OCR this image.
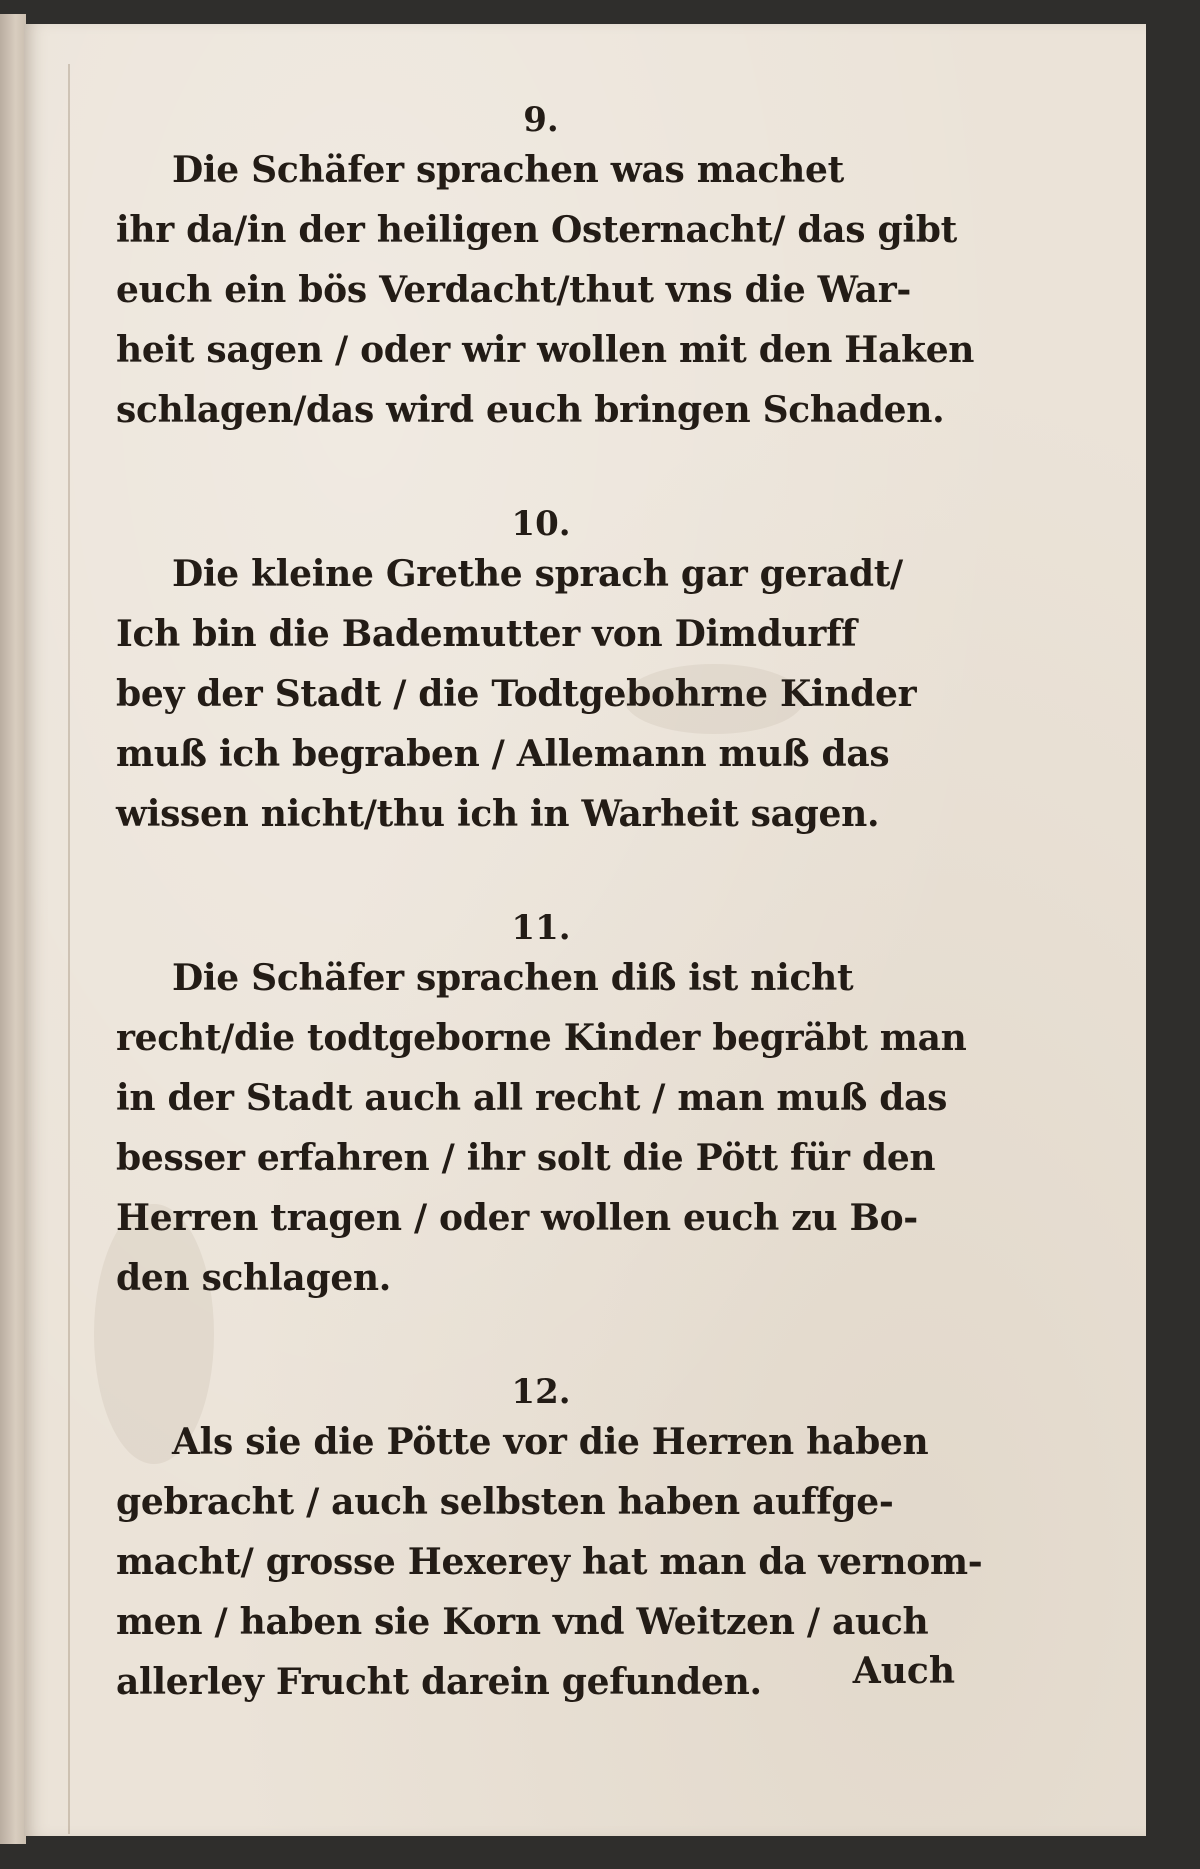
9.

Die Schäfer sprachen was machet
ihr da/in der heiligen Osternacht/ das gibt
euch ein bös Verdacht/thut vns die War-
heit sagen / oder wir wollen mit den Haken
schlagen/das wird euch bringen Schaden.

10.

Die kleine Grethe sprach gar geradt/
Ich bin die Bademutter von Dimdurff
bey der Stadt / die Todtgebohrne Kinder
muß ich begraben / Allemann muß das
wissen nicht/thu ich in Warheit sagen.

11.

Die Schäfer sprachen diß ist nicht
recht/die todtgeborne Kinder begräbt man
in der Stadt auch all recht / man muß das
besser erfahren / ihr solt die Pött für den
Herren tragen / oder wollen euch zu Bo-
den schlagen.

12.

Als sie die Pötte vor die Herren haben
gebracht / auch selbsten haben auffge-
macht/ grosse Hexerey hat man da vernom-
men / haben sie Korn vnd Weitzen / auch
allerley Frucht darein gefunden.	Auch
